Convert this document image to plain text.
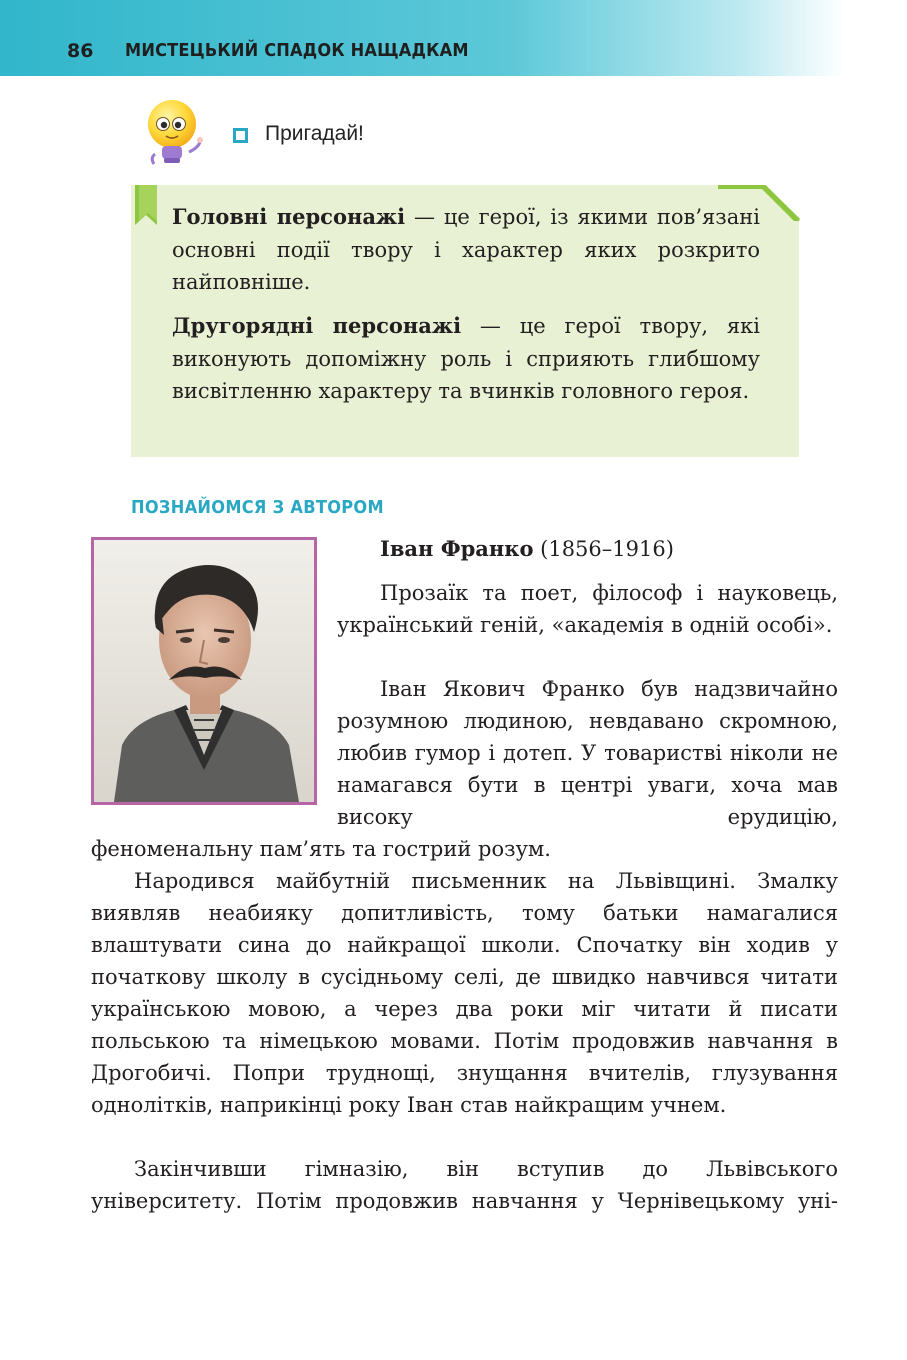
86 МИСТЕЦЬКИЙ СПАДОК НАЩАДКАМ
Пригадай!

Головні персонажі — це герої, із якими пов’язані основні події твору і характер яких розкрито найповніше.

Другорядні персонажі — це герої твору, які виконують допоміжну роль і сприяють глибшому висвітленню характеру та вчинків головного героя.

ПОЗНАЙОМСЯ З АВТОРОМ
Іван Франко (1856–1916)

Прозаїк та поет, філософ і науковець, український геній, «академія в одній особі».

Іван Якович Франко був надзвичайно розумною людиною, невдавано скромною, любив гумор і дотеп. У товаристві ніколи не намагався бути в центрі уваги, хоча мав високу ерудицію,

феноменальну пам’ять та гострий розум.

Народився майбутній письменник на Львівщині. Змалку виявляв неабияку допитливість, тому батьки намагалися влаштувати сина до найкращої школи. Спочатку він ходив у початкову школу в сусідньому селі, де швидко навчився читати українською мовою, а через два роки міг читати й писати польською та німецькою мовами. Потім продовжив навчання в Дрогобичі. Попри труднощі, знущання вчителів, глузування однолітків, наприкінці року Іван став найкращим учнем.

Закінчивши гімназію, він вступив до Львівського університету. Потім продовжив навчання у Чернівецькому уні-
